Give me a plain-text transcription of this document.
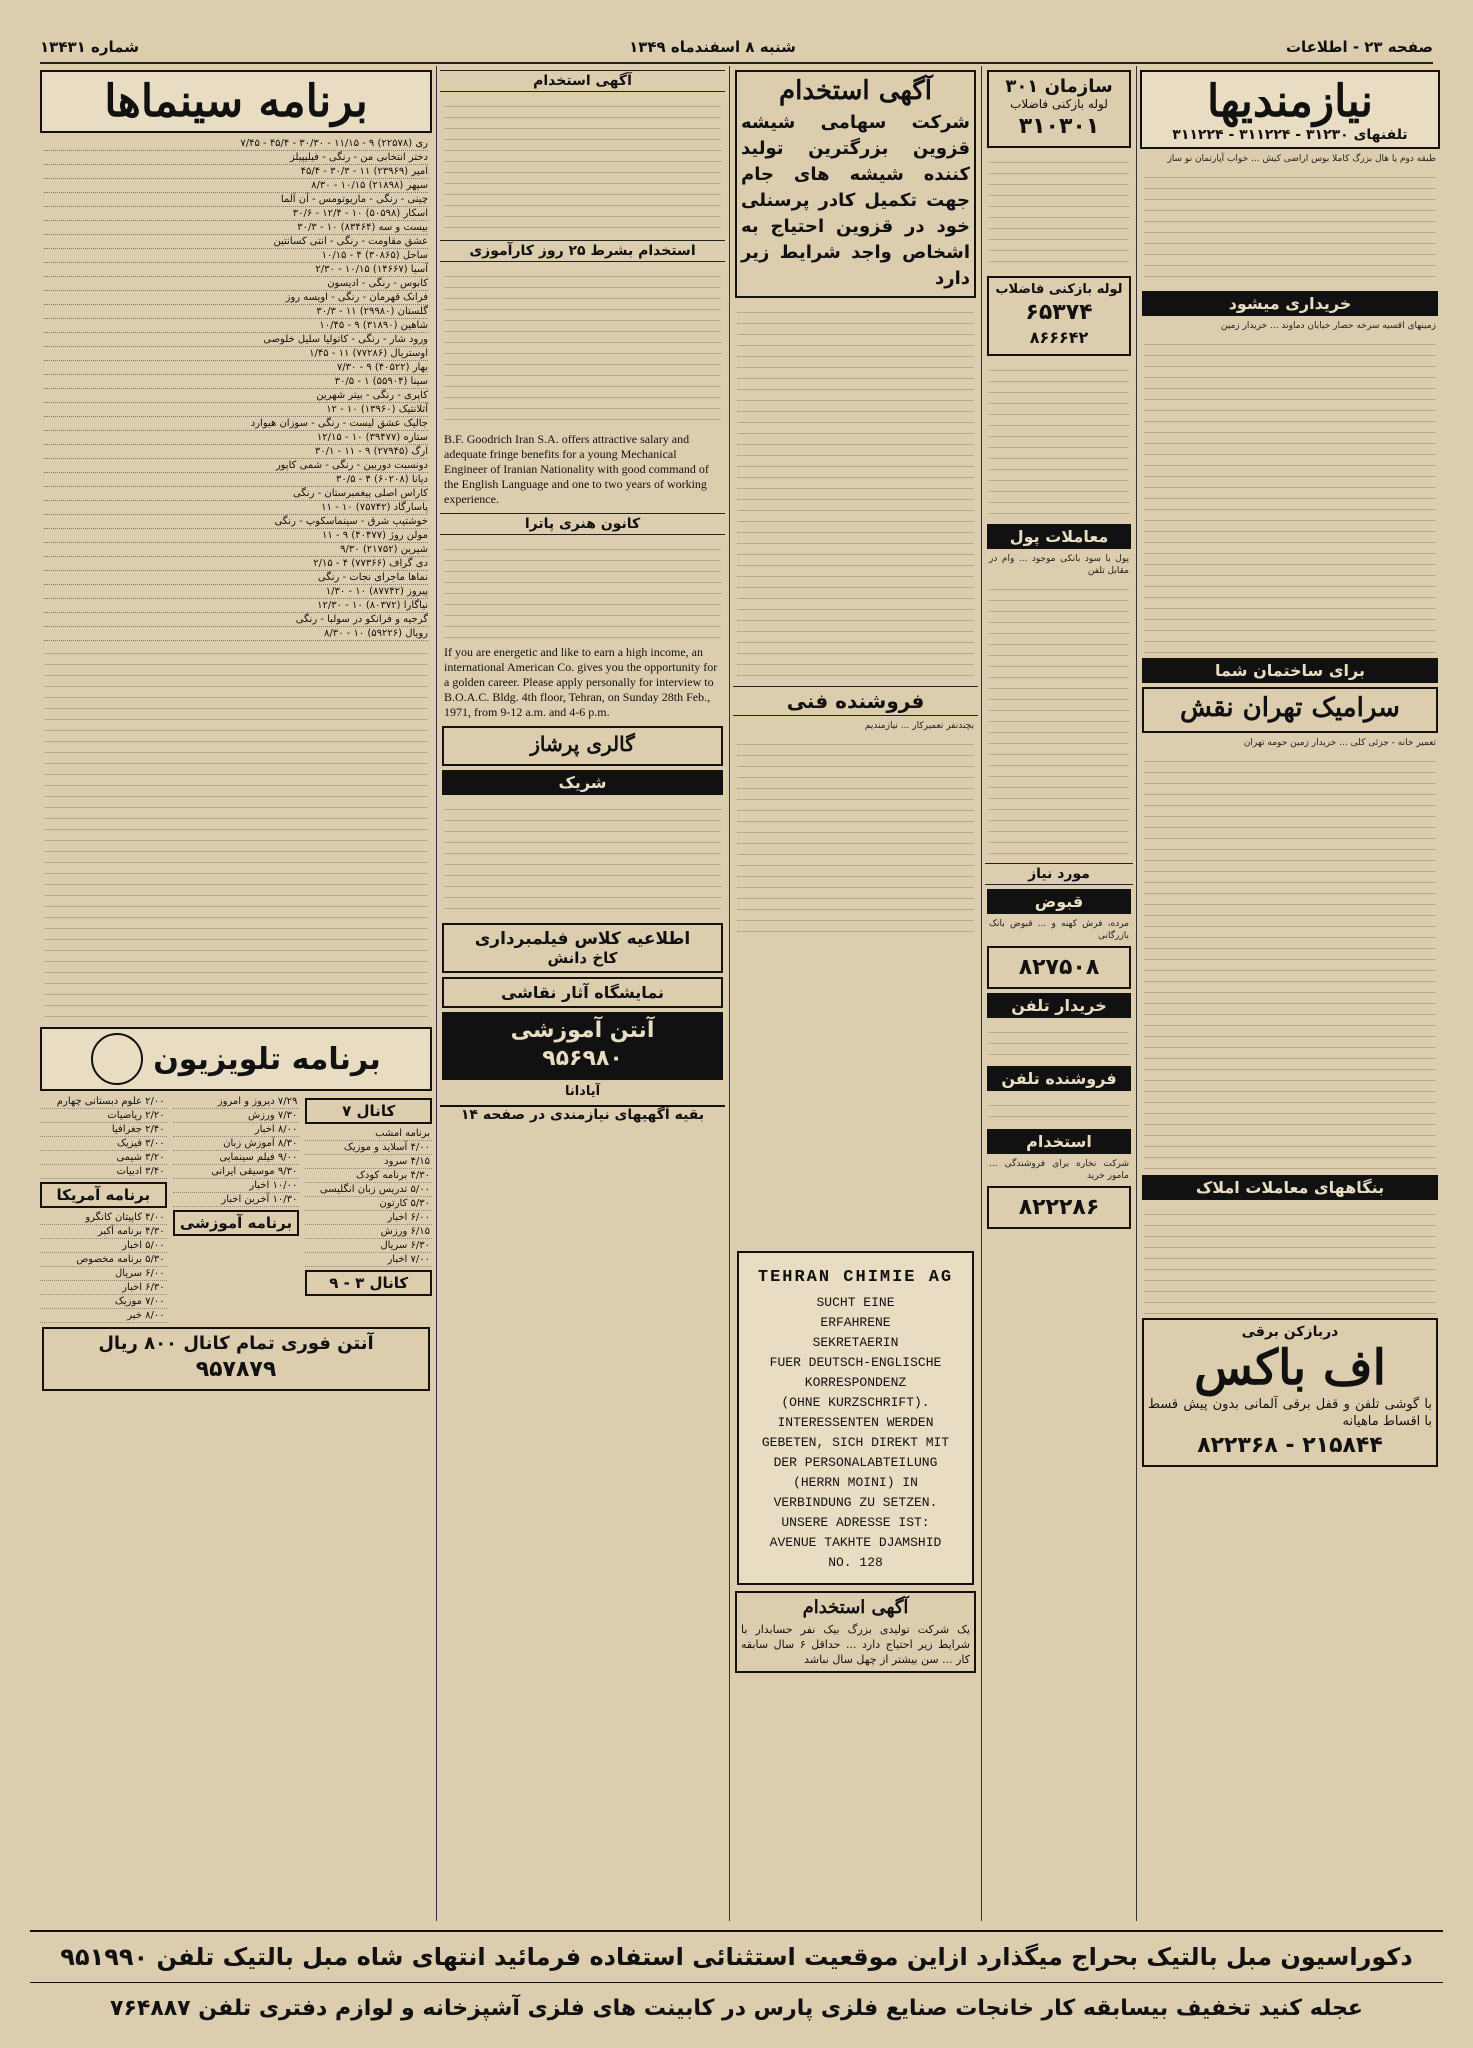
صفحه ۲۳ - اطلاعات
شنبه ۸ اسفندماه ۱۳۴۹
شماره ۱۳۴۳۱
نیازمندیها
تلفنهای ۳۱۲۳۰ - ۳۱۱۲۲۴ - ۳۱۱۲۲۴
طبقه دوم یا هال بزرگ کاملا بوس اراضی کیش ... خواب آپارتمان نو ساز
خریداری میشود
زمینهای اقسیه سرخه حصار خیابان دماوند ... خریدار زمین
برای ساختمان شما
سرامیک تهران نقش
تعمیر خانه - جزئی کلی ... خریدار زمین حومه تهران
بنگاههای معاملات املاک
دربازکن برقی
اف باکس

با گوشی تلفن و قفل برقی آلمانی بدون پیش قسط با اقساط ماهیانه

۸۲۲۳۶۸ - ۲۱۵۸۴۴
سازمان ۳۰۱
لوله بازکنی فاضلاب
۳۱۰۳۰۱
لوله بازکنی فاضلاب
۶۵۳۷۴
۸۶۶۶۴۲
معاملات پول
پول با سود بانکی موجود ... وام در مقابل تلفن
مورد نیاز
قبوض
مرده، فرش کهنه و ... قبوض بانک بازرگانی
۸۲۷۵۰۸
خریدار تلفن
فروشنده تلفن
استخدام
شرکت نخاره برای فروشندگی ... مامور خرید
۸۲۲۲۸۶
آگهی استخدام

شرکت سهامی شیشه قزوین بزرگترین تولید کننده شیشه های جام جهت تکمیل کادر پرسنلی خود در قزوین احتیاج به اشخاص واجد شرایط زیر دارد

فروشنده فنی
بچندنفر تعمیرکار ... نیازمندیم
TEHRAN CHIMIE AG
SUCHT EINE
ERFAHRENE
SEKRETAERIN
FUER DEUTSCH-ENGLISCHE
KORRESPONDENZ
(OHNE KURZSCHRIFT).
INTERESSENTEN WERDEN
GEBETEN, SICH DIREKT MIT
DER PERSONALABTEILUNG
(HERRN MOINI) IN
VERBINDUNG ZU SETZEN.
UNSERE ADRESSE IST:
AVENUE TAKHTE DJAMSHID
NO. 128
آگهی استخدام

یک شرکت تولیدی بزرگ بیک نفر حسابدار با شرایط زیر احتیاج دارد ... حداقل ۶ سال سابقه کار ... سن بیشتر از چهل سال نباشد

آگهی استخدام
استخدام بشرط ۲۵ روز کارآموزی
B.F. Goodrich Iran S.A. offers attractive salary and adequate fringe benefits for a young Mechanical Engineer of Iranian Nationality with good command of the English Language and one to two years of working experience.
کانون هنری پاترا
If you are energetic and like to earn a high income, an international American Co. gives you the opportunity for a golden career. Please apply personally for interview to B.O.A.C. Bldg. 4th floor, Tehran, on Sunday 28th Feb., 1971, from 9-12 a.m. and 4-6 p.m.
گالری پرشاز
شریک
اطلاعیه کلاس فیلمبرداری
کاخ دانش
نمایشگاه آثار نقاشی
آنتن آموزشی
۹۵۶۹۸۰
آیادانا
بقیه آگهیهای نیازمندی در صفحه ۱۴
برنامه سینماها
ری (۲۲۵۷۸) ۹ - ۱۱/۱۵ - ۳۰/۳۰ - ۴۵/۴ - ۷/۴۵
دختر انتخابی من - رنگی - فیلیپیلز
امیر (۲۳۹۶۹) ۱۱ - ۳۰/۳ - ۴۵/۴
سپهر (۲۱۸۹۸) ۱۰/۱۵ - ۸/۳۰
چینی - رنگی - ماریوتومس - آن آلما
اسکار (۵۰۵۹۸) ۱۰ - ۱۲/۴ - ۳۰/۶
بیست و سه (۸۳۴۶۴) ۱۰ - ۳۰/۳
عشق مقاومت - رنگی - انتی کسانتین
ساحل (۳۰۸۶۵) ۴ - ۱۰/۱۵
آسیا (۱۴۶۶۷) ۱۰/۱۵ - ۲/۳۰
کابوس - رنگی - ادیسون
فرانک قهرمان - رنگی - اویسه روز
گلستان (۲۹۹۸۰) ۱۱ - ۳۰/۳
شاهین (۳۱۸۹۰) ۹ - ۱۰/۴۵
ورود شار - رنگی - کاتولیا سلیل خلوصی
اوستریال (۷۷۲۸۶) ۱۱ - ۱/۴۵
بهار (۴۰۵۲۲) ۹ - ۷/۳۰
سینا (۵۵۹۰۴) ۱ - ۳۰/۵
کاپری - رنگی - بیتر شهرین
آتلانتیک (۱۳۹۶۰) ۱۰ - ۱۲
جالیک عشق لیست - رنگی - سوزان هیوارد
ستاره (۳۹۴۷۷) ۱۰ - ۱۲/۱۵
ارگ (۲۷۹۴۵) ۹ - ۱۱ - ۳۰/۱
دونسبت دوربین - رنگی - شمی کاپور
دیانا (۶۰۲۰۸) ۴ - ۳۰/۵
کاراس اصلی پیغمبرستان - رنگی
پاسارگاد (۷۵۷۴۲) ۱۰ - ۱۱
خوشتیپ شرق - سینماسکوپ - رنگی
مولن روژ (۴۰۴۷۷) ۹ - ۱۱
شیرین (۲۱۷۵۲) ۹/۳۰
دی گراف (۷۷۳۶۶) ۴ - ۲/۱۵
نماها ماجرای نجات - رنگی
پیروز (۸۷۷۴۲) ۱۰ - ۱/۳۰
نیاگارا (۸۰۳۷۲) ۱۰ - ۱۲/۳۰
گرجیه و فرانکو در سولبا - رنگی
رویال (۵۹۲۲۶) ۱۰ - ۸/۳۰
برنامه تلویزیون
کانال ۷
برنامه امشب
۴/۰۰ آسلاید و موزیک
۴/۱۵ سرود
۴/۳۰ برنامه کودک
۵/۰۰ تدریس زبان انگلیسی
۵/۳۰ کارتون
۶/۰۰ اخبار
۶/۱۵ ورزش
۶/۳۰ سریال
۷/۰۰ اخبار
کانال ۳ - ۹
۷/۲۹ دیروز و امروز
۷/۳۰ ورزش
۸/۰۰ اخبار
۸/۳۰ آموزش زبان
۹/۰۰ فیلم سینمایی
۹/۳۰ موسیقی ایرانی
۱۰/۰۰ اخبار
۱۰/۳۰ آخرین اخبار
برنامه آموزشی
۲/۰۰ علوم دبستانی چهارم
۲/۲۰ ریاضیات
۲/۴۰ جغرافیا
۳/۰۰ فیزیک
۳/۲۰ شیمی
۳/۴۰ ادبیات
برنامه آمریکا
۴/۰۰ کاپیتان کانگرو
۴/۳۰ برنامه آکبر
۵/۰۰ اخبار
۵/۳۰ برنامه مخصوص
۶/۰۰ سریال
۶/۳۰ اخبار
۷/۰۰ موزیک
۸/۰۰ خبر
آنتن فوری تمام کانال ۸۰۰ ریال
۹۵۷۸۷۹
دکوراسیون مبل بالتیک بحراج میگذارد ازاین موقعیت استثنائی استفاده فرمائید انتهای شاه مبل بالتیک تلفن ۹۵۱۹۹۰
عجله کنید تخفیف بیسابقه کار خانجات صنایع فلزی پارس در کابینت های فلزی آشپزخانه و لوازم دفتری تلفن ۷۶۴۸۸۷
